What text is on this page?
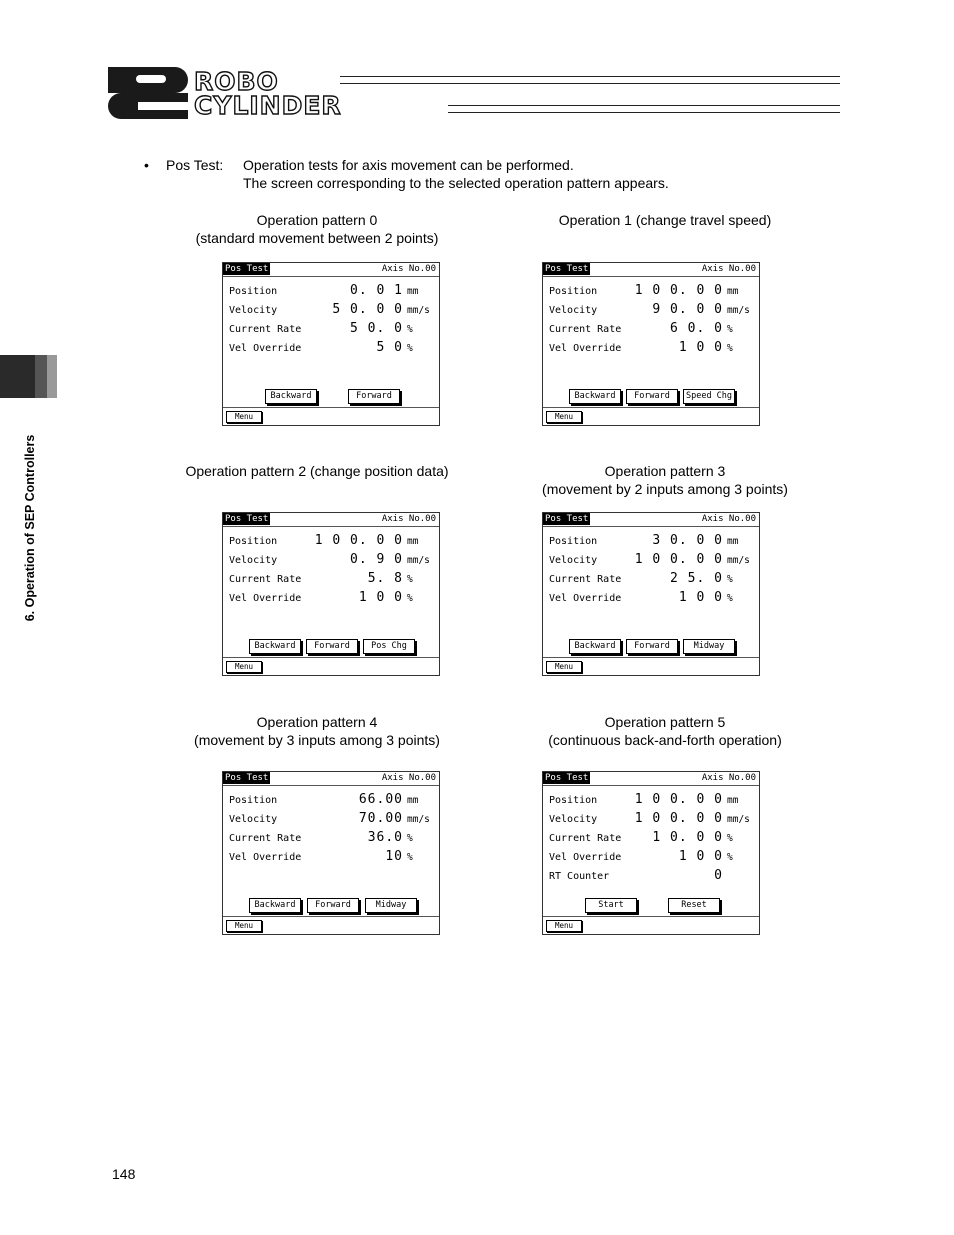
ROBO
CYLINDER
6. Operation of SEP Controllers
• Pos Test: Operation tests for axis movement can be performed.
The screen corresponding to the selected operation pattern appears.
Operation pattern 0
(standard movement between 2 points)
Operation 1 (change travel speed)
Operation pattern 2 (change position data)	Operation pattern 3
(movement by 2 inputs among 3 points)
Operation pattern 4
(movement by 3 inputs among 3 points)
Operation pattern 5
(continuous back-and-forth operation)
Pos Test	Axis No.00
Position	0. 0 1 mm
Velocity	5 0. 0 0 mm/s
Current Rate	5 0. 0 %
Vel Override	5 0 %
Backward	Forward
Menu
Pos Test	Axis No.00
Position	1 0 0. 0 0 mm
Velocity	9 0. 0 0 mm/s
Current Rate	6 0. 0 %
Vel Override	1 0 0 %
Backward	Forward	Speed Chg
Menu
Pos Test	Axis No.00
Position	1 0 0. 0 0 mm
Velocity	0. 9 0 mm/s
Current Rate	5. 8 %
Vel Override	1 0 0 %
Backward	Forward	Pos Chg
Menu
Pos Test	Axis No.00
Position	3 0. 0 0 mm
Velocity	1 0 0. 0 0 mm/s
Current Rate	2 5. 0 %
Vel Override	1 0 0 %
Backward	Forward	Midway
Menu
Pos Test	Axis No.00
Position	66.00 mm
Velocity	70.00 mm/s
Current Rate	36.0 %
Vel Override	10 %
Backward	Forward	Midway
Menu
Pos Test	Axis No.00
Position	1 0 0. 0 0 mm
Velocity	1 0 0. 0 0 mm/s
Current Rate 1 0. 0 0 %
Vel Override	1 0 0 %
RT Counter	0
Start	Reset
Menu
148
